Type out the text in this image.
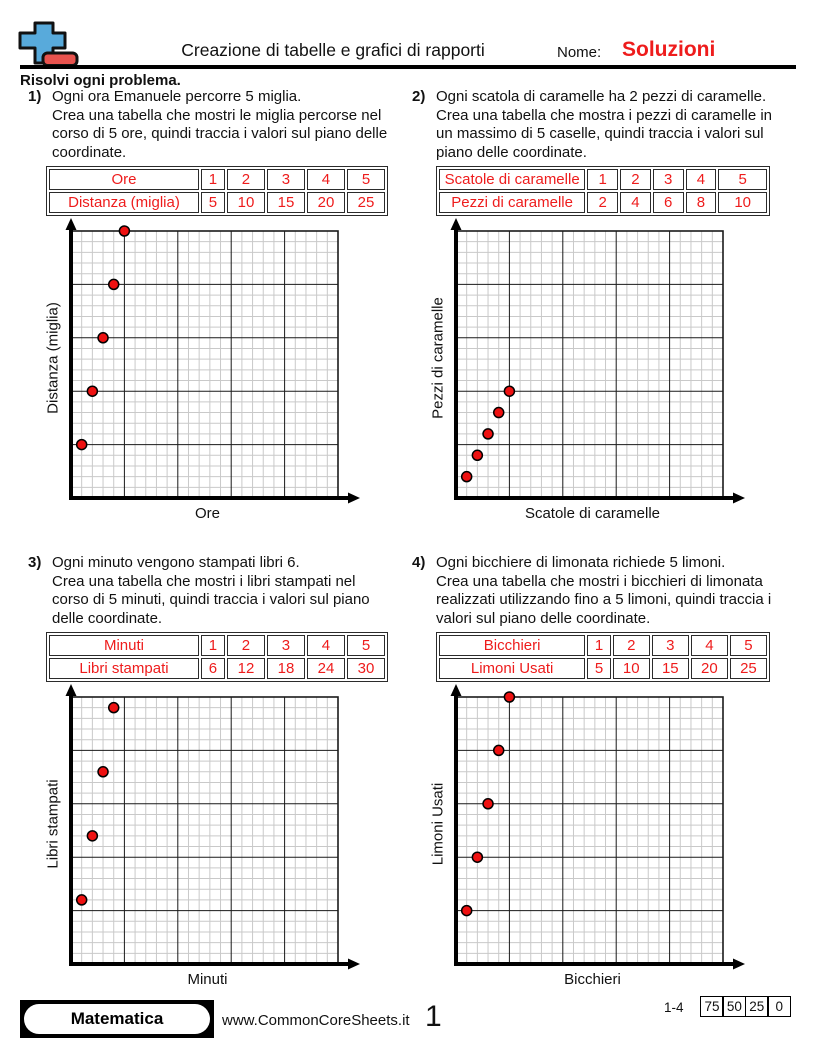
Creazione di tabelle e grafici di rapporti	Nome: Soluzioni
Risolvi ogni problema.
1) Ogni ora Emanuele percorre 5 miglia.
Crea una tabella che mostri le miglia percorse nel corso di 5 ore, quindi traccia i valori sul piano delle coordinate.
Ore	1	2	3	4	5
Distanza (miglia)	5	10	15	20	25
Distanza (miglia)
Ore
2) Ogni scatola di caramelle ha 2 pezzi di caramelle.
Crea una tabella che mostra i pezzi di caramelle in un massimo di 5 caselle, quindi traccia i valori sul piano delle coordinate.
Scatole di caramelle	1	2	3	4	5
Pezzi di caramelle	2	4	6	8	10
Pezzi di caramelle
Scatole di caramelle
3) Ogni minuto vengono stampati libri 6.
Crea una tabella che mostri i libri stampati nel corso di 5 minuti, quindi traccia i valori sul piano delle coordinate.
Minuti	1	2	3	4	5
Libri stampati	6	12	18	24	30
Libri stampati
Minuti
4) Ogni bicchiere di limonata richiede 5 limoni.
Crea una tabella che mostri i bicchieri di limonata realizzati utilizzando fino a 5 limoni, quindi traccia i valori sul piano delle coordinate.
Bicchieri	1	2	3	4	5
Limoni Usati	5	10	15	20	25
Limoni Usati
Bicchieri
Matematica	www.CommonCoreSheets.it 1	1-4	75 50 25 0
